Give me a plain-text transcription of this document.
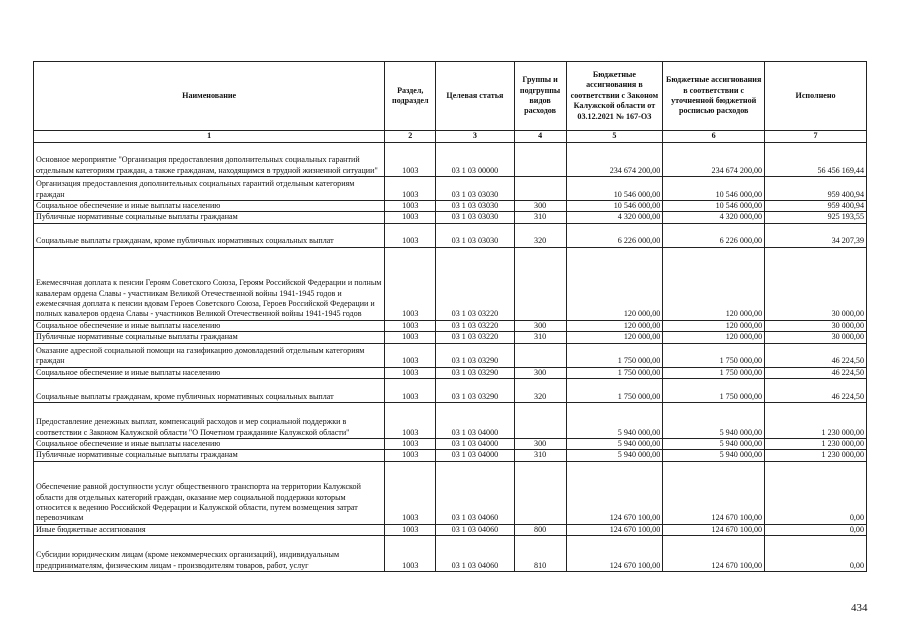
Наименование	Раздел, подраздел	Целевая статья	Группы и подгруппы видов расходов	Бюджетные ассигнования в соответствии с Законом Калужской области от 03.12.2021 № 167-ОЗ	Бюджетные ассигнования в соответствии с уточненной бюджетной росписью расходов	Исполнено
1	2	3	4	5	6	7
Основное мероприятие "Организация предоставления дополнительных социальных гарантий отдельным категориям граждан, а также гражданам, находящимся в трудной жизненной ситуации"	1003	03 1 03 00000		234 674 200,00	234 674 200,00	56 456 169,44
Организация предоставления дополнительных социальных гарантий отдельным категориям граждан	1003	03 1 03 03030		10 546 000,00	10 546 000,00	959 400,94
Социальное обеспечение и иные выплаты населению	1003	03 1 03 03030	300	10 546 000,00	10 546 000,00	959 400,94
Публичные нормативные социальные выплаты гражданам	1003	03 1 03 03030	310	4 320 000,00	4 320 000,00	925 193,55
Социальные выплаты гражданам, кроме публичных нормативных социальных выплат	1003	03 1 03 03030	320	6 226 000,00	6 226 000,00	34 207,39
Ежемесячная доплата к пенсии Героям Советского Союза, Героям Российской Федерации и полным кавалерам ордена Славы - участникам Великой Отечественной войны 1941-1945 годов и ежемесячная доплата к пенсии вдовам Героев Советского Союза, Героев Российской Федерации и полных кавалеров ордена Славы - участников Великой Отечественной войны 1941-1945 годов	1003	03 1 03 03220		120 000,00	120 000,00	30 000,00
Социальное обеспечение и иные выплаты населению	1003	03 1 03 03220	300	120 000,00	120 000,00	30 000,00
Публичные нормативные социальные выплаты гражданам	1003	03 1 03 03220	310	120 000,00	120 000,00	30 000,00
Оказание адресной социальной помощи на газификацию домовладений отдельным категориям граждан	1003	03 1 03 03290		1 750 000,00	1 750 000,00	46 224,50
Социальное обеспечение и иные выплаты населению	1003	03 1 03 03290	300	1 750 000,00	1 750 000,00	46 224,50
Социальные выплаты гражданам, кроме публичных нормативных социальных выплат	1003	03 1 03 03290	320	1 750 000,00	1 750 000,00	46 224,50
Предоставление денежных выплат, компенсаций расходов и мер социальной поддержки в соответствии с Законом Калужской области "О Почетном гражданине Калужской области"	1003	03 1 03 04000		5 940 000,00	5 940 000,00	1 230 000,00
Социальное обеспечение и иные выплаты населению	1003	03 1 03 04000	300	5 940 000,00	5 940 000,00	1 230 000,00
Публичные нормативные социальные выплаты гражданам	1003	03 1 03 04000	310	5 940 000,00	5 940 000,00	1 230 000,00
Обеспечение равной доступности услуг общественного транспорта на территории Калужской области для отдельных категорий граждан, оказание мер социальной поддержки которым относится к ведению Российской Федерации и Калужской области, путем возмещения затрат перевозчикам	1003	03 1 03 04060		124 670 100,00	124 670 100,00	0,00
Иные бюджетные ассигнования	1003	03 1 03 04060	800	124 670 100,00	124 670 100,00	0,00
Субсидии юридическим лицам (кроме некоммерческих организаций), индивидуальным предпринимателям, физическим лицам - производителям товаров, работ, услуг	1003	03 1 03 04060	810	124 670 100,00	124 670 100,00	0,00
434
